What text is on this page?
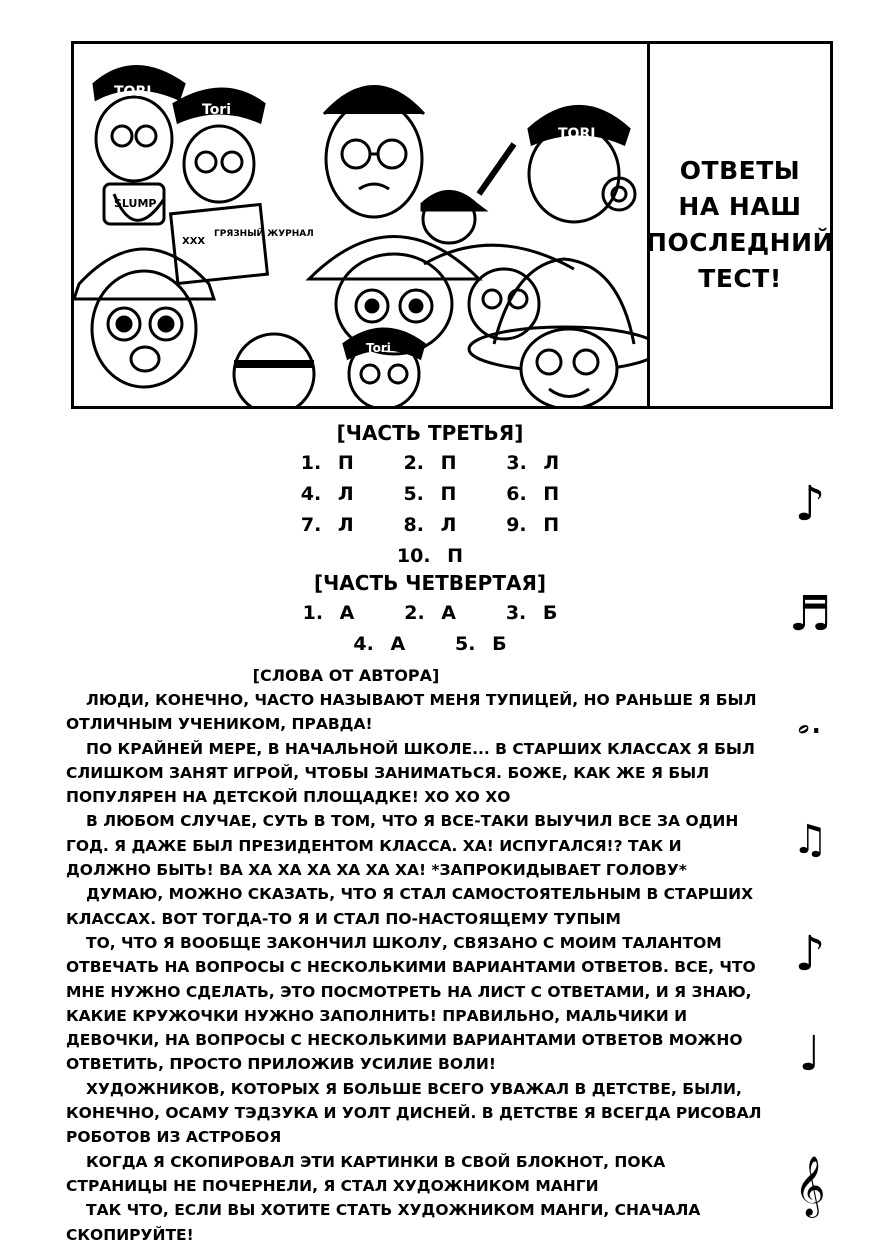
TORI
Tori
TORI
Tori
SLUMP
XXX
ГРЯЗНЫЙ ЖУРНАЛ
ОТВЕТЫ
НА НАШ
ПОСЛЕДНИЙ
ТЕСТ!
[ЧАСТЬ ТРЕТЬЯ]
1. П   2. П   3. Л
4. Л   5. П   6. П
7. Л   8. Л   9. П
10. П
[ЧАСТЬ ЧЕТВЕРТАЯ]
1. А   2. А   3. Б
4. А   5. Б
[СЛОВА ОТ АВТОРА]

ЛЮДИ, КОНЕЧНО, ЧАСТО НАЗЫВАЮТ МЕНЯ ТУПИЦЕЙ, НО РАНЬШЕ Я БЫЛ ОТЛИЧНЫМ УЧЕНИКОМ, ПРАВДА!

ПО КРАЙНЕЙ МЕРЕ, В НАЧАЛЬНОЙ ШКОЛЕ... В СТАРШИХ КЛАССАХ Я БЫЛ СЛИШКОМ ЗАНЯТ ИГРОЙ, ЧТОБЫ ЗАНИМАТЬСЯ. БОЖЕ, КАК ЖЕ Я БЫЛ ПОПУЛЯРЕН НА ДЕТСКОЙ ПЛОЩАДКЕ! ХО ХО ХО

В ЛЮБОМ СЛУЧАЕ, СУТЬ В ТОМ, ЧТО Я ВСЕ-ТАКИ ВЫУЧИЛ ВСЕ ЗА ОДИН ГОД. Я ДАЖЕ БЫЛ ПРЕЗИДЕНТОМ КЛАССА. ХА! ИСПУГАЛСЯ!? ТАК И ДОЛЖНО БЫТЬ! ВА ХА ХА ХА ХА ХА ХА! *ЗАПРОКИДЫВАЕТ ГОЛОВУ*

ДУМАЮ, МОЖНО СКАЗАТЬ, ЧТО Я СТАЛ САМОСТОЯТЕЛЬНЫМ В СТАРШИХ КЛАССАХ. ВОТ ТОГДА-ТО Я И СТАЛ ПО-НАСТОЯЩЕМУ ТУПЫМ

ТО, ЧТО Я ВООБЩЕ ЗАКОНЧИЛ ШКОЛУ, СВЯЗАНО С МОИМ ТАЛАНТОМ ОТВЕЧАТЬ НА ВОПРОСЫ С НЕСКОЛЬКИМИ ВАРИАНТАМИ ОТВЕТОВ. ВСЕ, ЧТО МНЕ НУЖНО СДЕЛАТЬ, ЭТО ПОСМОТРЕТЬ НА ЛИСТ С ОТВЕТАМИ, И Я ЗНАЮ, КАКИЕ КРУЖОЧКИ НУЖНО ЗАПОЛНИТЬ! ПРАВИЛЬНО, МАЛЬЧИКИ И ДЕВОЧКИ, НА ВОПРОСЫ С НЕСКОЛЬКИМИ ВАРИАНТАМИ ОТВЕТОВ МОЖНО ОТВЕТИТЬ, ПРОСТО ПРИЛОЖИВ УСИЛИЕ ВОЛИ!

ХУДОЖНИКОВ, КОТОРЫХ Я БОЛЬШЕ ВСЕГО УВАЖАЛ В ДЕТСТВЕ, БЫЛИ, КОНЕЧНО, ОСАМУ ТЭДЗУКА И УОЛТ ДИСНЕЙ. В ДЕТСТВЕ Я ВСЕГДА РИСОВАЛ РОБОТОВ ИЗ АСТРОБОЯ

КОГДА Я СКОПИРОВАЛ ЭТИ КАРТИНКИ В СВОЙ БЛОКНОТ, ПОКА СТРАНИЦЫ НЕ ПОЧЕРНЕЛИ, Я СТАЛ ХУДОЖНИКОМ МАНГИ

ТАК ЧТО, ЕСЛИ ВЫ ХОТИТЕ СТАТЬ ХУДОЖНИКОМ МАНГИ, СНАЧАЛА СКОПИРУЙТЕ!

♪
♬
𝅗.
♫
♪
♩
𝄞
